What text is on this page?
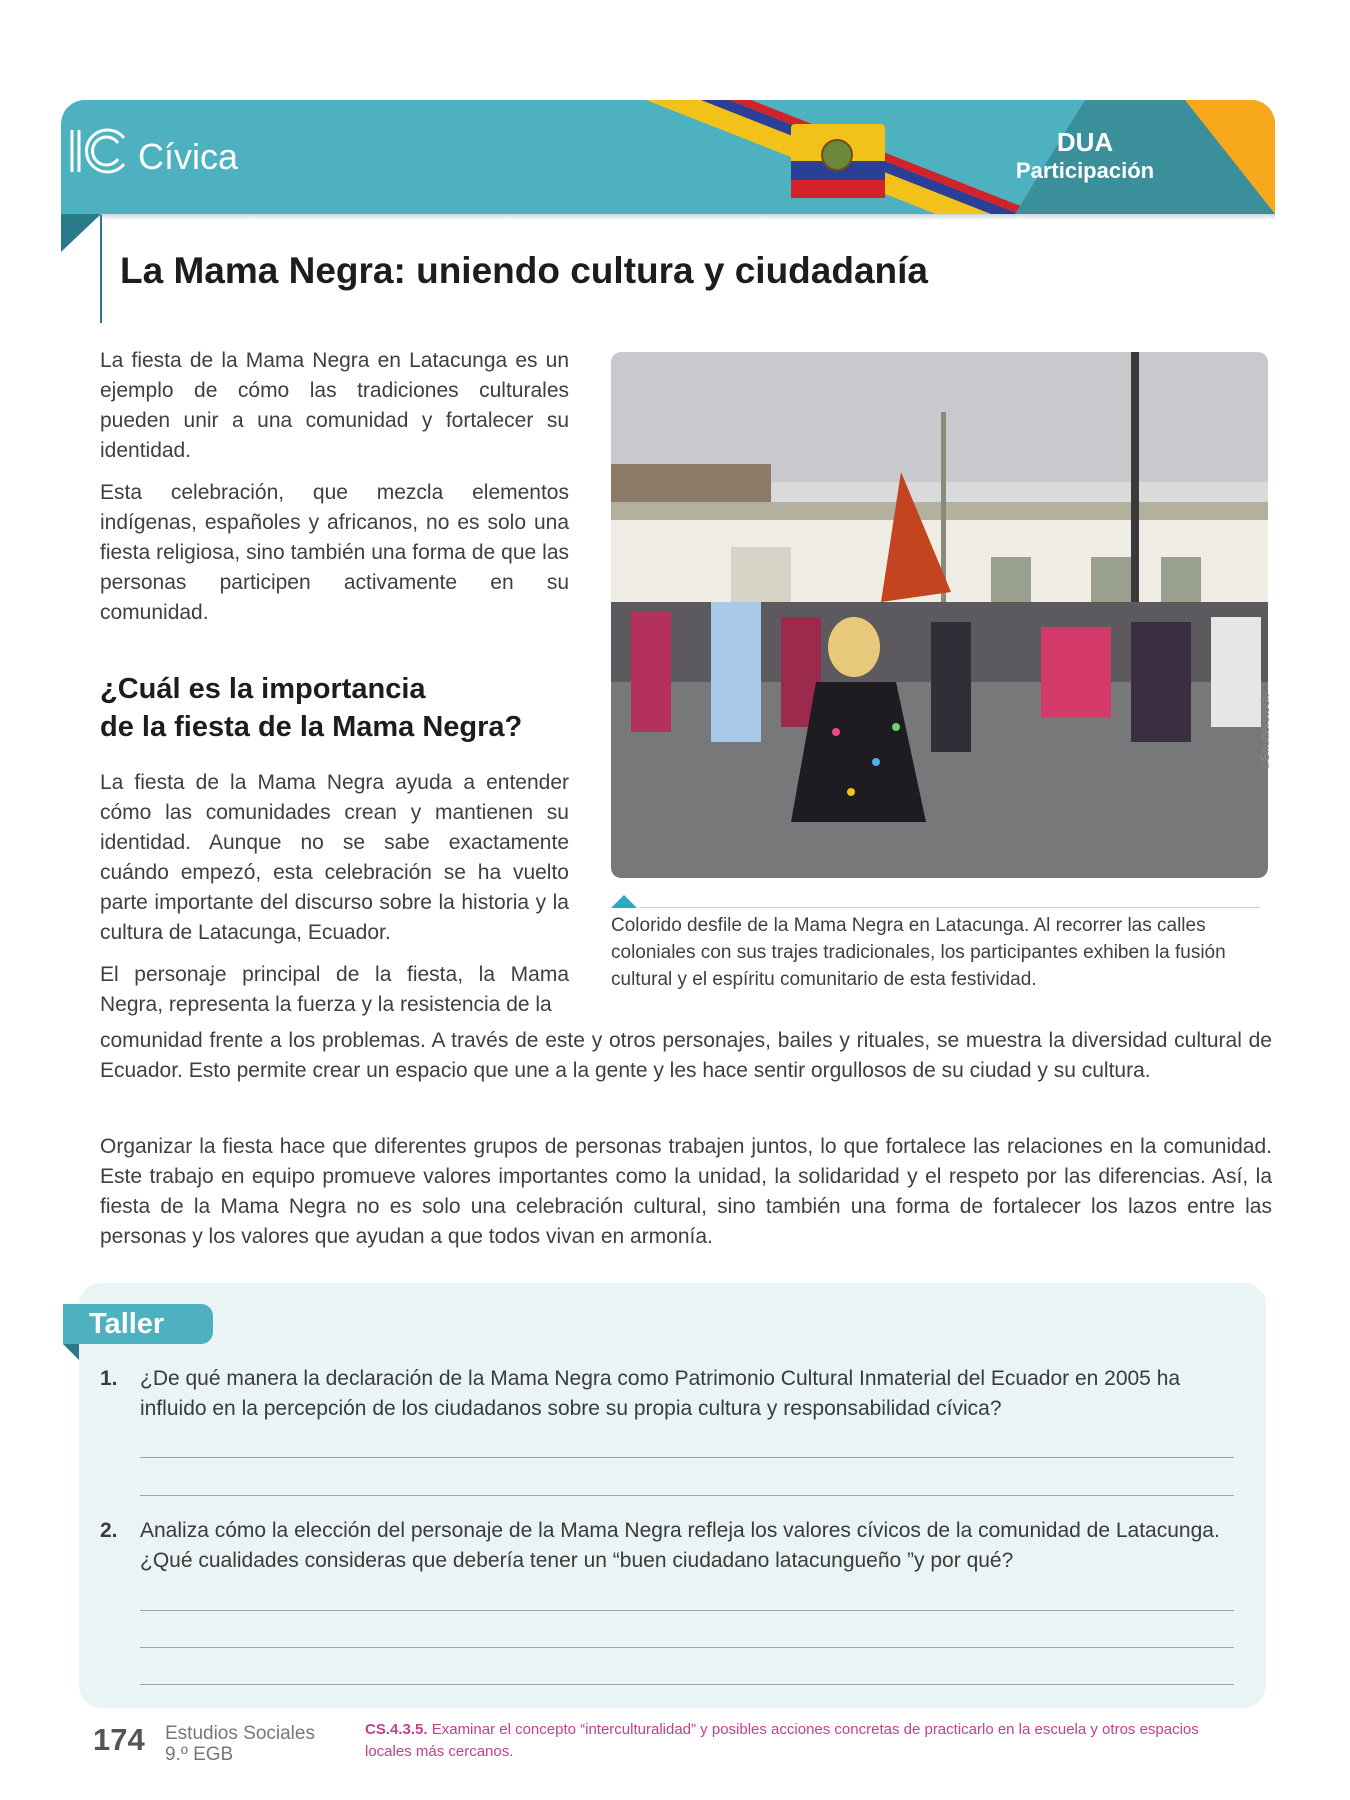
Cívica	DUA
Participación
La Mama Negra: uniendo cultura y ciudadanía

La fiesta de la Mama Negra en Latacunga es un ejemplo de cómo las tradiciones culturales pueden unir a una comunidad y fortalecer su identidad.

Esta celebración, que mezcla elementos indígenas, españoles y africanos, no es solo una fiesta religiosa, sino también una forma de que las personas participen activamente en su comunidad.

¿Cuál es la importancia
de la fiesta de la Mama Negra?

La fiesta de la Mama Negra ayuda a entender cómo las comunidades crean y mantienen su identidad. Aunque no se sabe exactamente cuándo empezó, esta celebración se ha vuelto parte importante del discurso sobre la historia y la cultura de Latacunga, Ecuador.

El personaje principal de la fiesta, la Mama Negra, representa la fuerza y la resistencia de la

©Shutterstock

Colorido desfile de la Mama Negra en Latacunga. Al recorrer las calles coloniales con sus trajes tradicionales, los participantes exhiben la fusión cultural y el espíritu comunitario de esta festividad.

comunidad frente a los problemas. A través de este y otros personajes, bailes y rituales, se muestra la diversidad cultural de Ecuador. Esto permite crear un espacio que une a la gente y les hace sentir orgullosos de su ciudad y su cultura.

Organizar la fiesta hace que diferentes grupos de personas trabajen juntos, lo que fortalece las relaciones en la comunidad. Este trabajo en equipo promueve valores importantes como la unidad, la solidaridad y el respeto por las diferencias. Así, la fiesta de la Mama Negra no es solo una celebración cultural, sino también una forma de fortalecer los lazos entre las personas y los valores que ayudan a que todos vivan en armonía.

Taller
1. ¿De qué manera la declaración de la Mama Negra como Patrimonio Cultural Inmaterial del Ecuador en 2005 ha influido en la percepción de los ciudadanos sobre su propia cultura y responsabilidad cívica?
2. Analiza cómo la elección del personaje de la Mama Negra refleja los valores cívicos de la comunidad de Latacunga. ¿Qué cualidades consideras que debería tener un “buen ciudadano latacungueño ”y por qué?
174 Estudios Sociales
9.º EGB
CS.4.3.5. Examinar el concepto “interculturalidad” y posibles acciones concretas de practicarlo en la escuela y otros espacios locales más cercanos.
